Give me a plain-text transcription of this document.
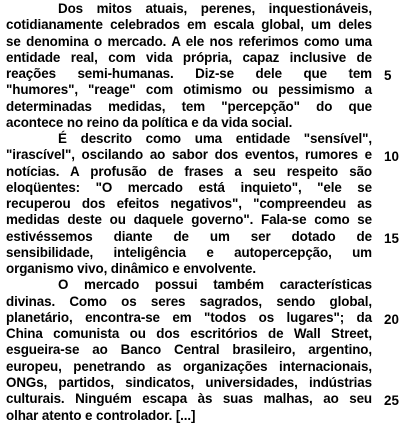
Dos mitos atuais, perenes, inquestionáveis,
cotidianamente celebrados em escala global, um deles
se denomina o mercado. A ele nos referimos como uma
entidade real, com vida própria, capaz inclusive de
reações semi-humanas. Diz-se dele que tem
"humores", "reage" com otimismo ou pessimismo a
determinadas medidas, tem "percepção" do que
acontece no reino da política e da vida social.
É descrito como uma entidade "sensível",
"irascível", oscilando ao sabor dos eventos, rumores e
notícias. A profusão de frases a seu respeito são
eloqüentes: "O mercado está inquieto", "ele se
recuperou dos efeitos negativos", "compreendeu as
medidas deste ou daquele governo". Fala-se como se
estivéssemos diante de um ser dotado de
sensibilidade, inteligência e autopercepção, um
organismo vivo, dinâmico e envolvente.
O mercado possui também características
divinas. Como os seres sagrados, sendo global,
planetário, encontra-se em "todos os lugares"; da
China comunista ou dos escritórios de Wall Street,
esgueira-se ao Banco Central brasileiro, argentino,
europeu, penetrando as organizações internacionais,
ONGs, partidos, sindicatos, universidades, indústrias
culturais. Ninguém escapa às suas malhas, ao seu
olhar atento e controlador. [...]
5
10
15
20
25
